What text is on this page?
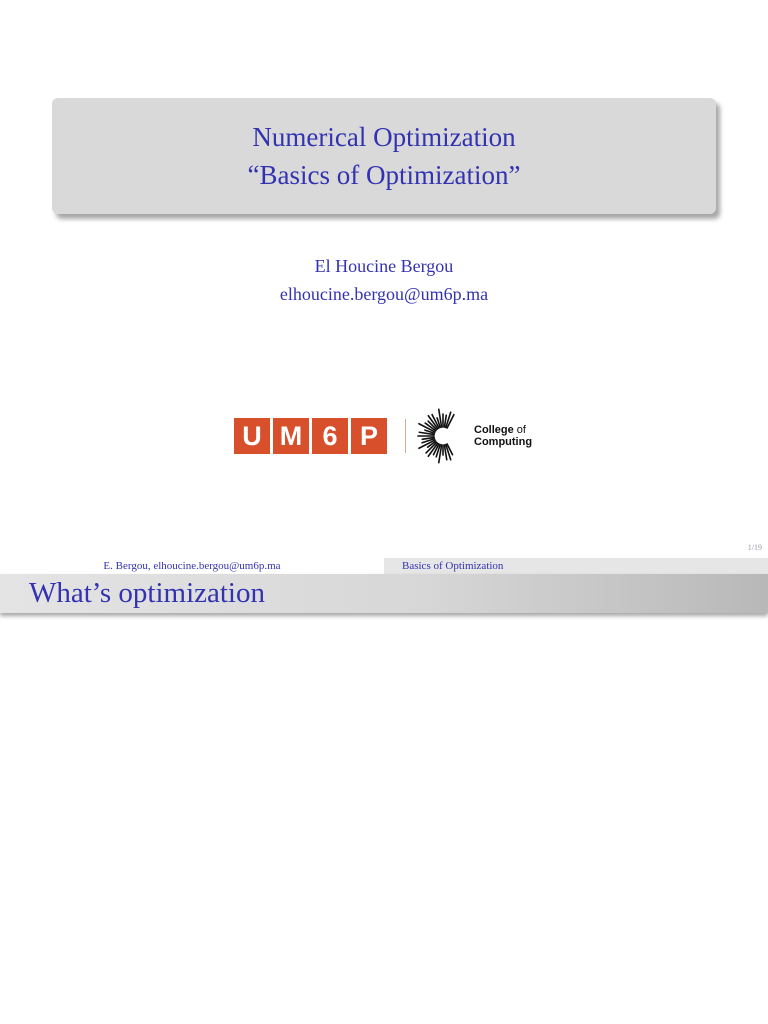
Numerical Optimization
“Basics of Optimization”
El Houcine Bergou
elhoucine.bergou@um6p.ma
U M 6 P	College of
Computing
1/19
E. Bergou, elhoucine.bergou@um6p.ma	Basics of Optimization
What’s optimization
